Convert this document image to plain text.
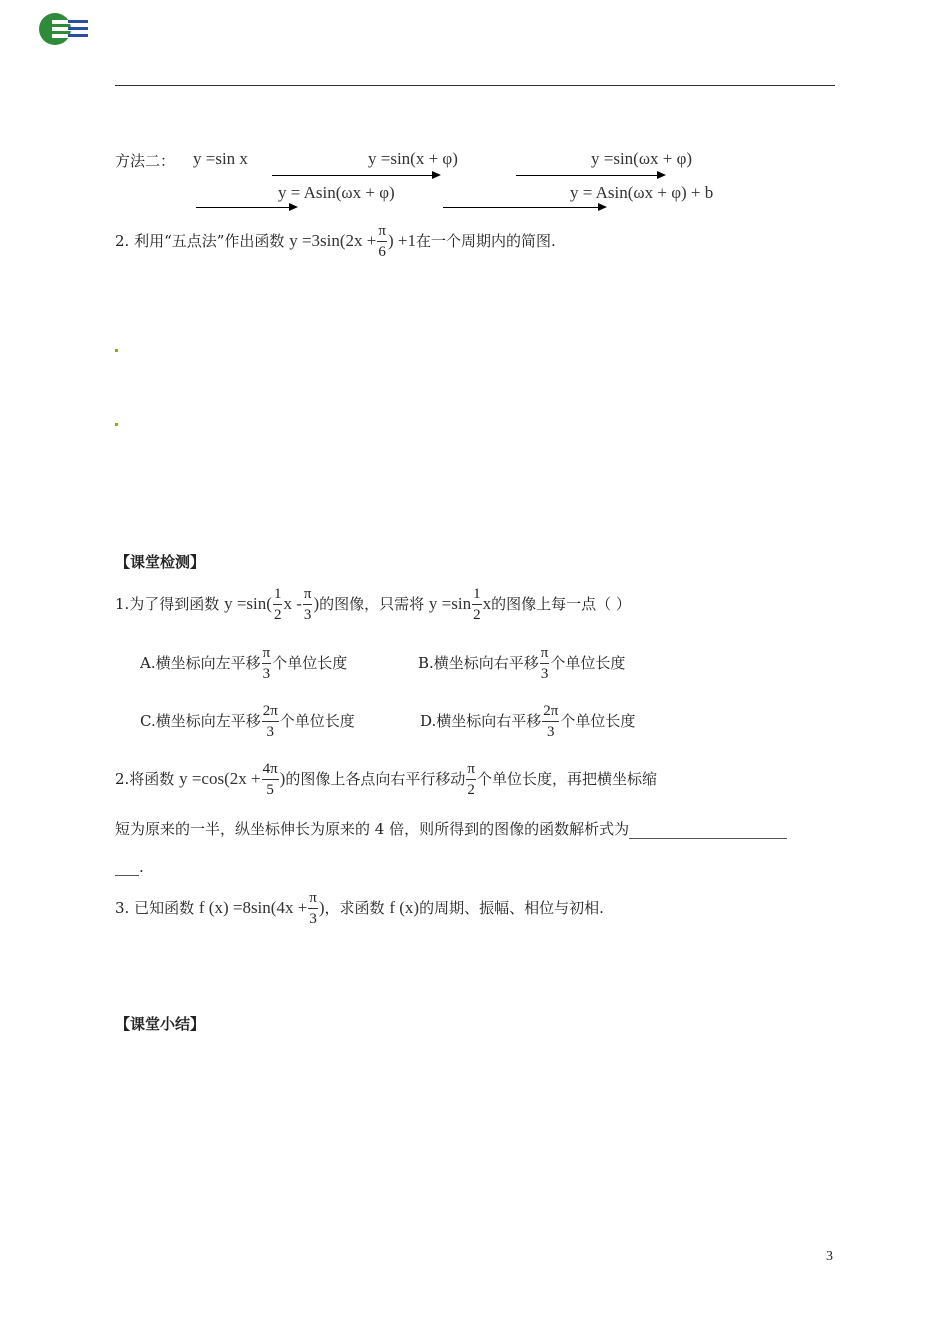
方法二： y =sin x	y =sin(x + φ)	y =sin(ωx + φ)
y = Asin(ωx + φ)	y = Asin(ωx + φ) + b
2. 利用“五点法”作出函数 $y =3\sin(2x + \frac{\pi}{6}$ ) +1在一个周期内的简图.
【课堂检测】
1.为了得到函数 $y =\sin( \frac{1}{2}$ x - $\frac{\pi}{3}$ )的图像，只需将 $y =\sin \frac{1}{2}$ x的图像上每一点（ ）
A.横坐标向左平移 $\frac{\pi}{3}$ 个单位长度	B.横坐标向右平移 $\frac{\pi}{3}$ 个单位长度
C.横坐标向左平移 $\frac{2\pi}{3}$ 个单位长度	D.横坐标向右平移 $\frac{2\pi}{3}$ 个单位长度
2.将函数 $y =\cos(2x + \frac{4\pi}{5}$ )的图像上各点向右平行移动 $\frac{\pi}{2}$ 个单位长度，再把横坐标缩
短为原来的一半，纵坐标伸长为原来的 4 倍，则所得到的图像的函数解析式为
.
3. 已知函数 f $(x) =8\sin(4x + \frac{\pi}{3}$ )，求函数 f (x)的周期、振幅、相位与初相.
【课堂小结】
3
